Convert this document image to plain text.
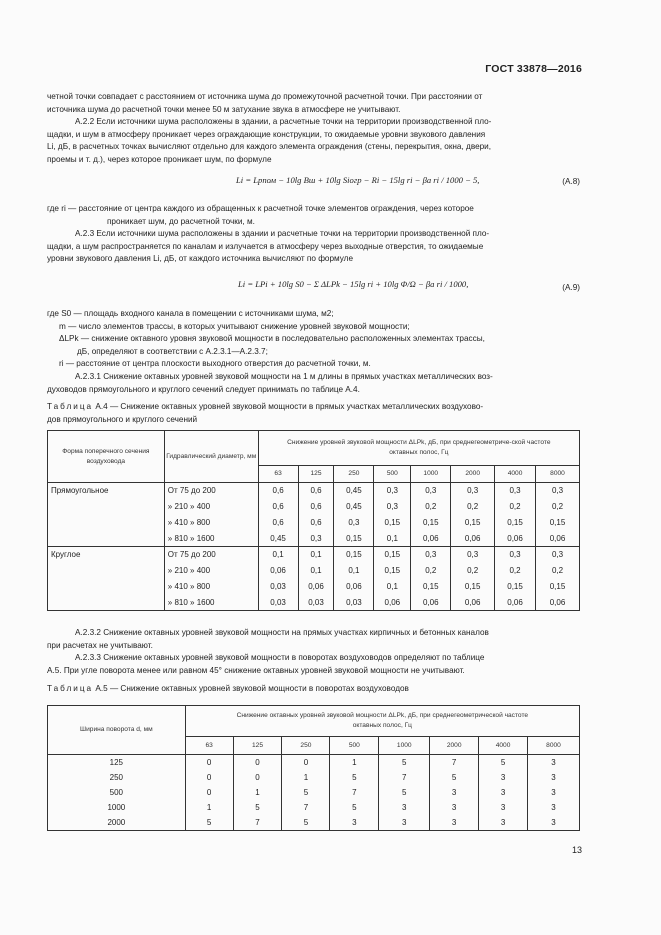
ГОСТ 33878—2016

четной точки совпадает с расстоянием от источника шума до промежуточной расчетной точки. При расстоянии от

источника шума до расчетной точки менее 50 м затухание звука в атмосфере не учитывают.

А.2.2 Если источники шума расположены в здании, а расчетные точки на территории производственной пло-

щадки, и шум в атмосферу проникает через ограждающие конструкции, то ожидаемые уровни звукового давления

Li, дБ, в расчетных точках вычисляют отдельно для каждого элемента ограждения (стены, перекрытия, окна, двери,

проемы и т. д.), через которое проникает шум, по формуле

Li = Lpпом − 10lg Bш + 10lg Siогр − Ri − 15lg ri − βa ri / 1000 − 5,	(А.8)

где ri — расстояние от центра каждого из обращенных к расчетной точке элементов ограждения, через которое

проникает шум, до расчетной точки, м.

А.2.3 Если источники шума расположены в здании и расчетные точки на территории производственной пло-

щадки, а шум распространяется по каналам и излучается в атмосферу через выходные отверстия, то ожидаемые

уровни звукового давления Li, дБ, от каждого источника вычисляют по формуле

Li = LPi + 10lg S0 − Σ ΔLPk − 15lg ri + 10lg Φ/Ω − βa ri / 1000,	(А.9)

где S0 — площадь входного канала в помещении с источниками шума, м2;

m — число элементов трассы, в которых учитывают снижение уровней звуковой мощности;

ΔLPk — снижение октавного уровня звуковой мощности в последовательно расположенных элементах трассы,

дБ, определяют в соответствии с А.2.3.1—А.2.3.7;

ri — расстояние от центра плоскости выходного отверстия до расчетной точки, м.

А.2.3.1 Снижение октавных уровней звуковой мощности на 1 м длины в прямых участках металлических воз-

духоводов прямоугольного и круглого сечений следует принимать по таблице А.4.

Таблица А.4 — Снижение октавных уровней звуковой мощности в прямых участках металлических воздухово-
дов прямоугольного и круглого сечений
Форма поперечного сечения воздуховода	Гидравлический диаметр, мм	Снижение уровней звуковой мощности ΔLPk, дБ, при среднегеометриче-ской частоте октавных полос, Гц							
		63	125	250	500	1000	2000	4000	8000
Прямоугольное	От 75 до 200	0,6	0,6	0,45	0,3	0,3	0,3	0,3	0,3
	» 210 » 400	0,6	0,6	0,45	0,3	0,2	0,2	0,2	0,2
	» 410 » 800	0,6	0,6	0,3	0,15	0,15	0,15	0,15	0,15
	» 810 » 1600	0,45	0,3	0,15	0,1	0,06	0,06	0,06	0,06
Круглое	От 75 до 200	0,1	0,1	0,15	0,15	0,3	0,3	0,3	0,3
	» 210 » 400	0,06	0,1	0,1	0,15	0,2	0,2	0,2	0,2
	» 410 » 800	0,03	0,06	0,06	0,1	0,15	0,15	0,15	0,15
	» 810 » 1600	0,03	0,03	0,03	0,06	0,06	0,06	0,06	0,06

А.2.3.2 Снижение октавных уровней звуковой мощности на прямых участках кирпичных и бетонных каналов

при расчетах не учитывают.

А.2.3.3 Снижение октавных уровней звуковой мощности в поворотах воздуховодов определяют по таблице

А.5. При угле поворота менее или равном 45° снижение октавных уровней звуковой мощности не учитывают.

Таблица А.5 — Снижение октавных уровней звуковой мощности в поворотах воздуховодов
Ширина поворота d, мм	Снижение октавных уровней звуковой мощности ΔLPk, дБ, при среднегеометрической частоте октавных полос, Гц							
	63	125	250	500	1000	2000	4000	8000
125	0	0	0	1	5	7	5	3
250	0	0	1	5	7	5	3	3
500	0	1	5	7	5	3	3	3
1000	1	5	7	5	3	3	3	3
2000	5	7	5	3	3	3	3	3
13
